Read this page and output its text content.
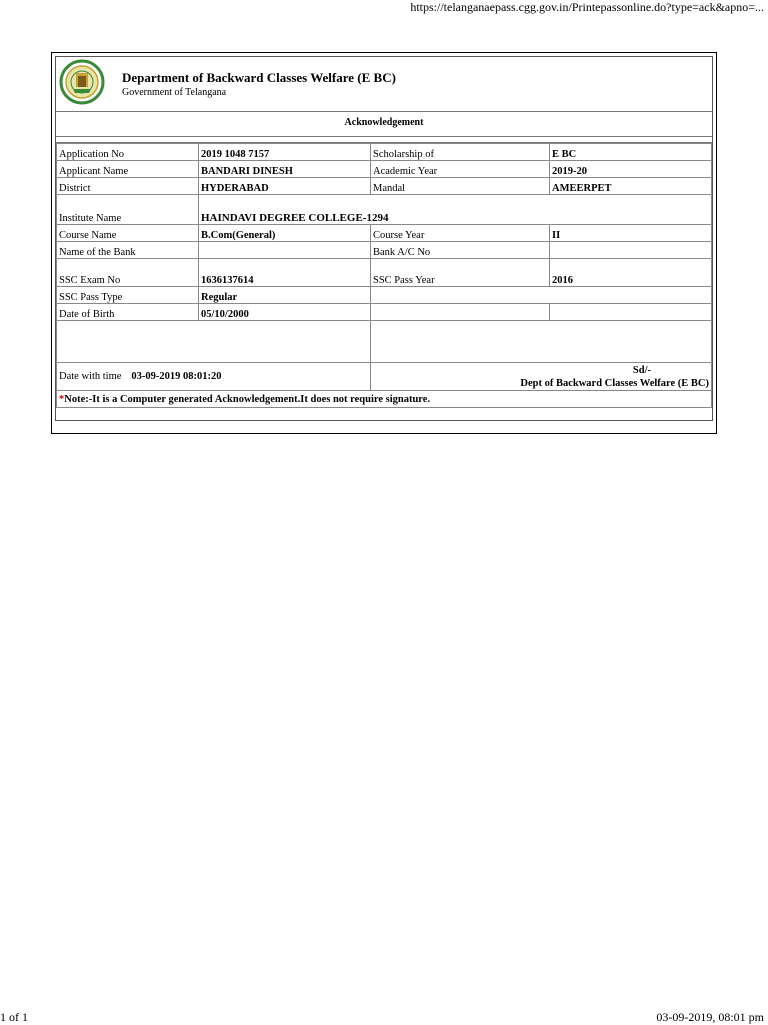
https://telanganaepass.cgg.gov.in/Printepassonline.do?type=ack&apno=...
Department of Backward Classes Welfare (E BC)
Government of Telangana
Acknowledgement
Application No	2019 1048 7157	Scholarship of	E BC
Applicant Name	BANDARI DINESH	Academic Year	2019-20
District	HYDERABAD	Mandal	AMEERPET
Institute Name	HAINDAVI DEGREE COLLEGE-1294		
Course Name	B.Com(General)	Course Year	II
Name of the Bank		Bank A/C No	
SSC Exam No	1636137614	SSC Pass Year	2016
SSC Pass Type	Regular		
Date of Birth	05/10/2000		

Date with time 03-09-2019 08:01:20		Sd/-
Dept of Backward Classes Welfare (E BC)	

*Note:-It is a Computer generated Acknowledgement.It does not require signature.			
1 of 1	03-09-2019, 08:01 pm
